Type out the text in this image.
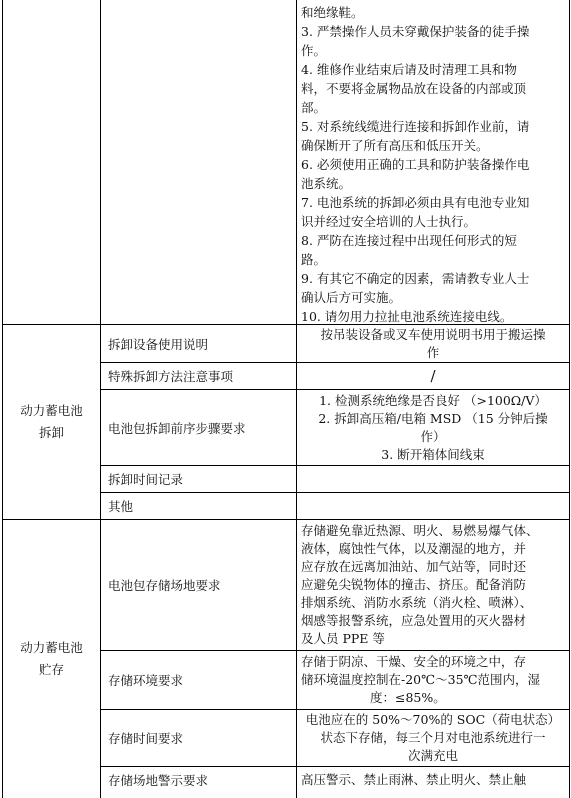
和绝缘鞋。
3. 严禁操作人员未穿戴保护装备的徒手操
作。
4. 维修作业结束后请及时清理工具和物
料，不要将金属物品放在设备的内部或顶
部。
5. 对系统线缆进行连接和拆卸作业前，请
确保断开了所有高压和低压开关。
6. 必须使用正确的工具和防护装备操作电
池系统。
7. 电池系统的拆卸必须由具有电池专业知
识并经过安全培训的人士执行。
8. 严防在连接过程中出现任何形式的短
路。
9. 有其它不确定的因素，需请教专业人士
确认后方可实施。
10. 请勿用力拉扯电池系统连接电线。
动力蓄电池
拆卸
拆卸设备使用说明
按吊装设备或叉车使用说明书用于搬运操
作
特殊拆卸方法注意事项	/
电池包拆卸前序步骤要求
1. 检测系统绝缘是否良好 （>100Ω/V）
2. 拆卸高压箱/电箱 MSD （15 分钟后操
作）
3. 断开箱体间线束
拆卸时间记录
其他
动力蓄电池
贮存
电池包存储场地要求
存储避免靠近热源、明火、易燃易爆气体、
液体，腐蚀性气体，以及潮湿的地方，并
应存放在远离加油站、加气站等，同时还
应避免尖锐物体的撞击、挤压。配备消防
排烟系统、消防水系统（消火栓、喷淋）、
烟感等报警系统，应急处置用的灭火器材
及人员 PPE 等
存储环境要求
存储于阴凉、干燥、安全的环境之中，存
储环境温度控制在-20℃～35℃范围内，湿
度：≤85%。
存储时间要求
电池应在的 50%～70%的 SOC（荷电状态）
状态下存储，每三个月对电池系统进行一
次满充电
存储场地警示要求	高压警示、禁止雨淋、禁止明火、禁止触
